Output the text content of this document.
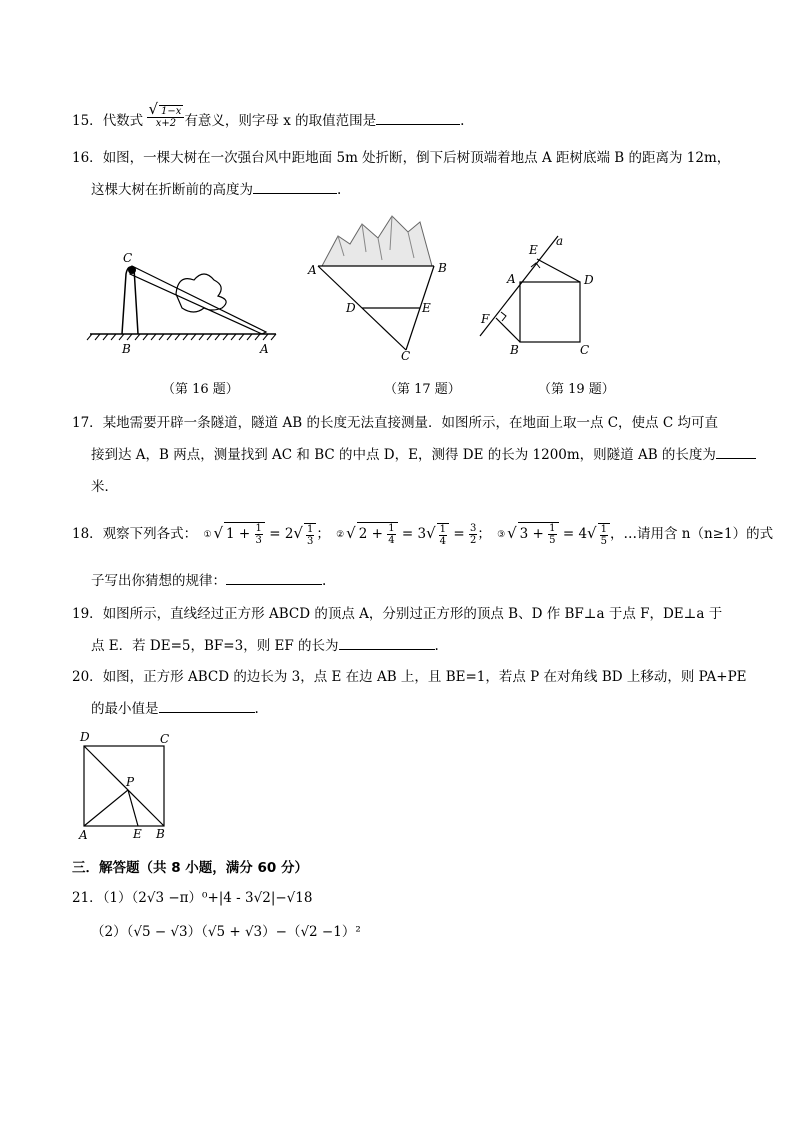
15．代数式 $\frac{√ 1-x}{x+2}$ 有意义，则字母 x 的取值范围是	.
16．如图，一棵大树在一次强台风中距地面 5m 处折断，倒下后树顶端着地点 A 距树底端 B 的距离为 12m，
这棵大树在折断前的高度为	.
C
B	A
（第 16 题）
A	B
D	E
C
（第 17 题）
E
a
A	D
F
B	C
（第 19 题）
17．某地需要开辟一条隧道，隧道 AB 的长度无法直接测量．如图所示，在地面上取一点 C，使点 C 均可直
接到达 A，B 两点，测量找到 AC 和 BC 的中点 D，E，测得 DE 的长为 1200m，则隧道 AB 的长度为
米．
18．观察下列各式： ① √ $1 + \frac{1}{3} = 2√ \frac{1}{3}$ ； ② √ $2 + \frac{1}{4} = 3√ \frac{1}{4} = \frac{3}{2}$ ； ③ √ $3 + \frac{1}{5} = 4√ \frac{1}{5}$ ，…请用含 n（n≥1）的式
子写出你猜想的规律：	.
19．如图所示，直线经过正方形 ABCD 的顶点 A，分别过正方形的顶点 B、D 作 BF⊥a 于点 F，DE⊥a 于
点 E．若 DE=5，BF=3，则 EF 的长为	.
20．如图，正方形 ABCD 的边长为 3，点 E 在边 AB 上，且 BE=1，若点 P 在对角线 BD 上移动，则 PA+PE
的最小值是	.
D	C
P
A	E B
三．解答题（共 8 小题，满分 60 分）
21．（1）（2√3 −π）⁰+|4 - 3√2|−√18
（2）（√5 − √3）（√5 + √3）−（√2 −1）²
